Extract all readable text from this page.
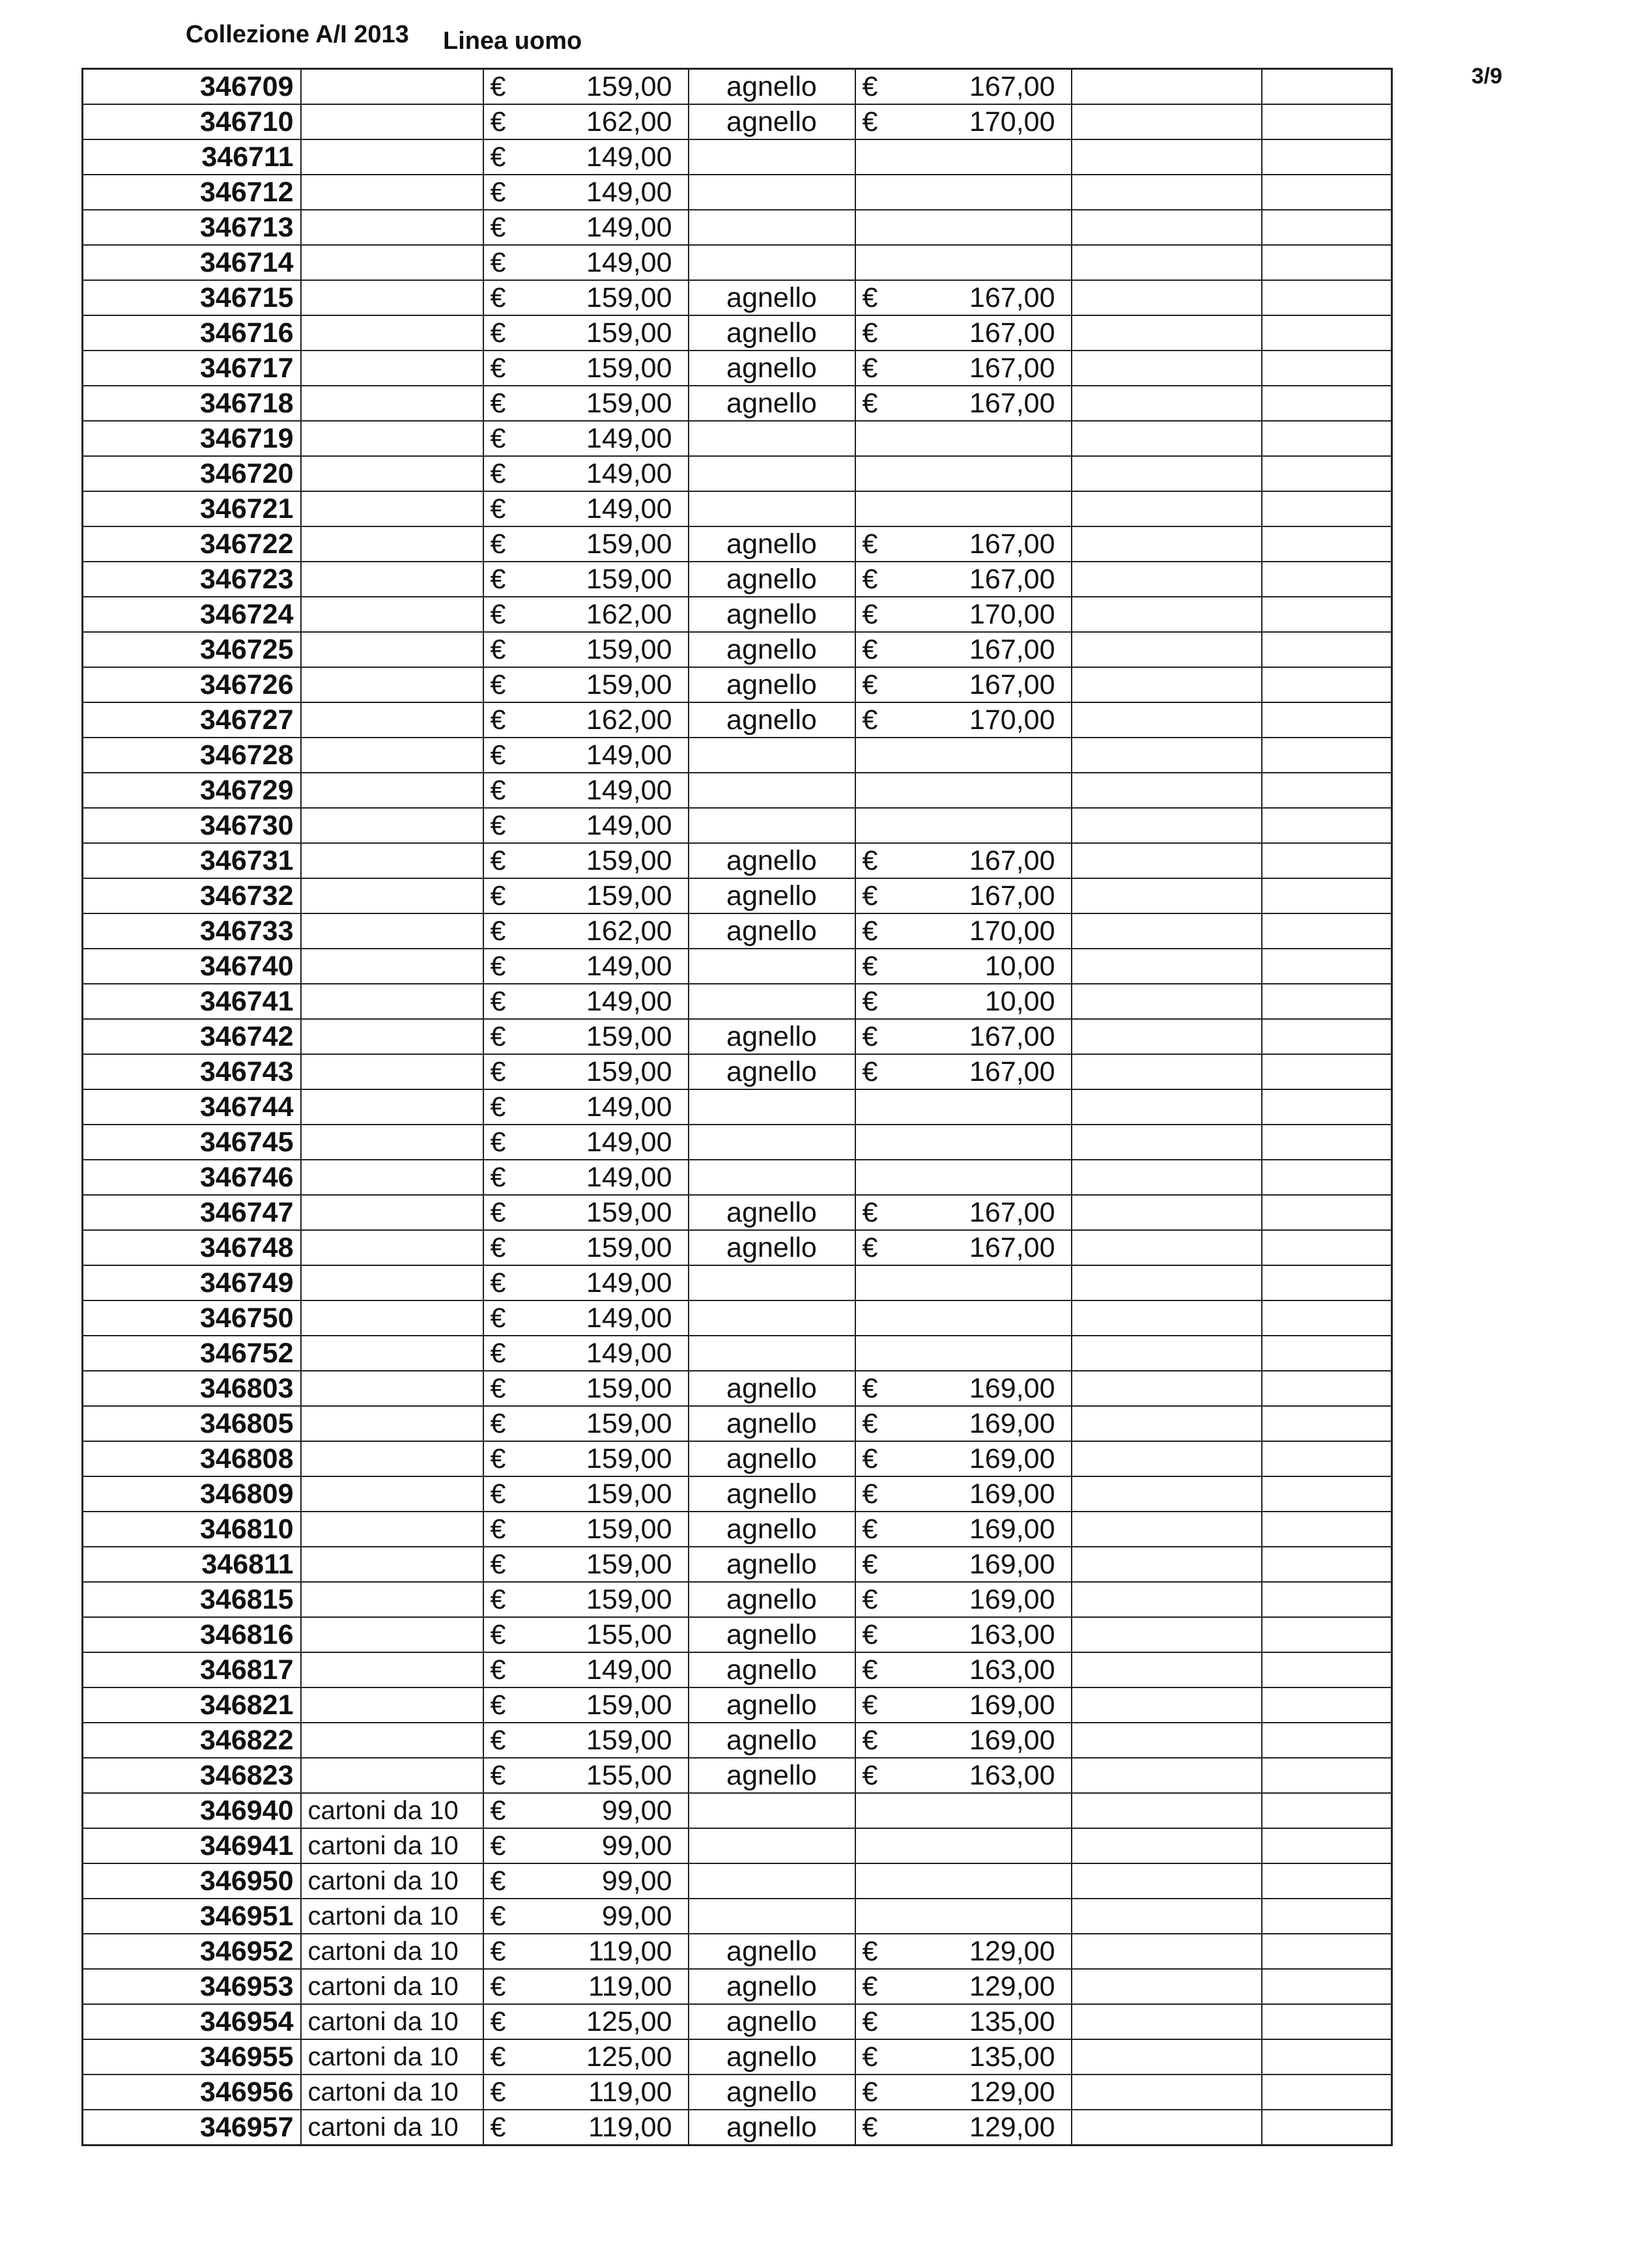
Collezione A/I 2013 Linea uomo
3/9
346709		€	159,00	agnello	€	167,00		
346710		€	162,00	agnello	€	170,00		
346711		€	149,00					
346712		€	149,00					
346713		€	149,00					
346714		€	149,00					
346715		€	159,00	agnello	€	167,00		
346716		€	159,00	agnello	€	167,00		
346717		€	159,00	agnello	€	167,00		
346718		€	159,00	agnello	€	167,00		
346719		€	149,00					
346720		€	149,00					
346721		€	149,00					
346722		€	159,00	agnello	€	167,00		
346723		€	159,00	agnello	€	167,00		
346724		€	162,00	agnello	€	170,00		
346725		€	159,00	agnello	€	167,00		
346726		€	159,00	agnello	€	167,00		
346727		€	162,00	agnello	€	170,00		
346728		€	149,00					
346729		€	149,00					
346730		€	149,00					
346731		€	159,00	agnello	€	167,00		
346732		€	159,00	agnello	€	167,00		
346733		€	162,00	agnello	€	170,00		
346740		€	149,00		€	10,00		
346741		€	149,00		€	10,00		
346742		€	159,00	agnello	€	167,00		
346743		€	159,00	agnello	€	167,00		
346744		€	149,00					
346745		€	149,00					
346746		€	149,00					
346747		€	159,00	agnello	€	167,00		
346748		€	159,00	agnello	€	167,00		
346749		€	149,00					
346750		€	149,00					
346752		€	149,00					
346803		€	159,00	agnello	€	169,00		
346805		€	159,00	agnello	€	169,00		
346808		€	159,00	agnello	€	169,00		
346809		€	159,00	agnello	€	169,00		
346810		€	159,00	agnello	€	169,00		
346811		€	159,00	agnello	€	169,00		
346815		€	159,00	agnello	€	169,00		
346816		€	155,00	agnello	€	163,00		
346817		€	149,00	agnello	€	163,00		
346821		€	159,00	agnello	€	169,00		
346822		€	159,00	agnello	€	169,00		
346823		€	155,00	agnello	€	163,00		
346940	cartoni da 10	€	99,00					
346941	cartoni da 10	€	99,00					
346950	cartoni da 10	€	99,00					
346951	cartoni da 10	€	99,00					
346952	cartoni da 10	€	119,00	agnello	€	129,00		
346953	cartoni da 10	€	119,00	agnello	€	129,00		
346954	cartoni da 10	€	125,00	agnello	€	135,00		
346955	cartoni da 10	€	125,00	agnello	€	135,00		
346956	cartoni da 10	€	119,00	agnello	€	129,00		
346957	cartoni da 10	€	119,00	agnello	€	129,00		
